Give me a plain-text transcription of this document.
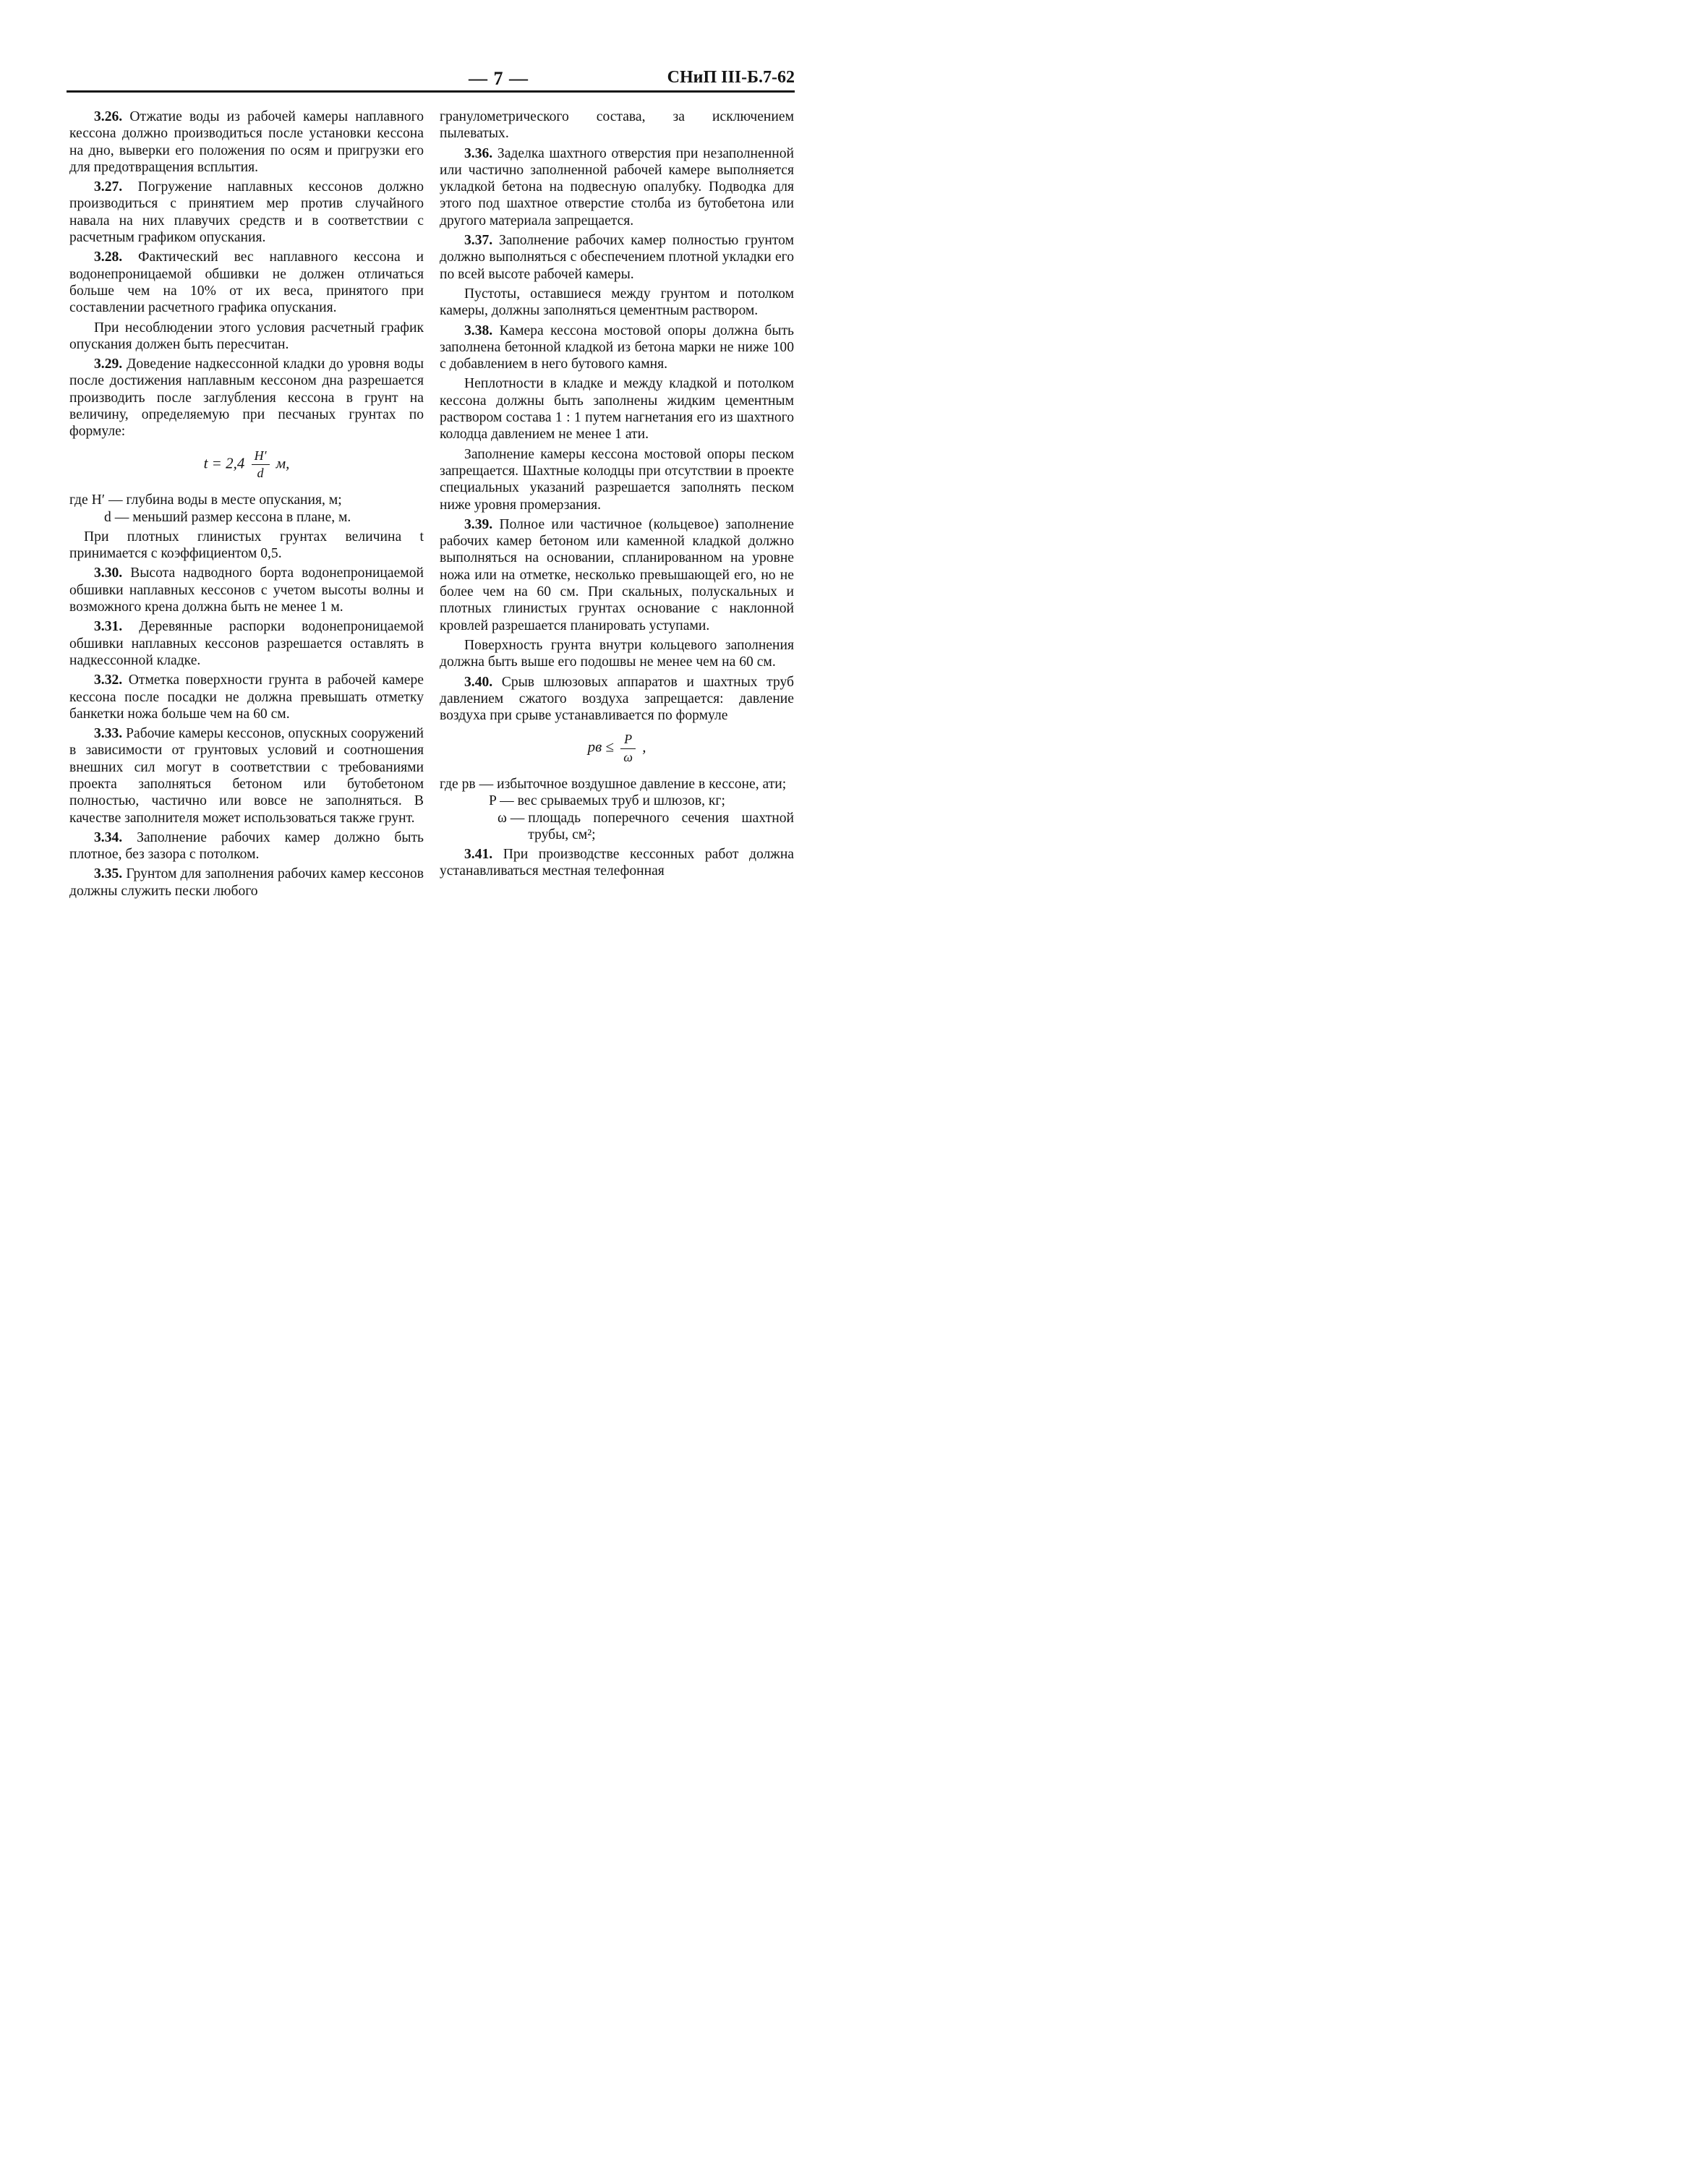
— 7 —	СНиП III-Б.7-62

3.26. Отжатие воды из рабочей камеры наплавного кессона должно производиться после установки кессона на дно, выверки его положения по осям и пригрузки его для предотвращения всплытия.

3.27. Погружение наплавных кессонов должно производиться с принятием мер против случайного навала на них плавучих средств и в соответствии с расчетным графиком опускания.

3.28. Фактический вес наплавного кессона и водонепроницаемой обшивки не должен отличаться больше чем на 10% от их веса, принятого при составлении расчетного графика опускания.

При несоблюдении этого условия расчетный график опускания должен быть пересчитан.

3.29. Доведение надкессонной кладки до уровня воды после достижения наплавным кессоном дна разрешается производить после заглубления кессона в грунт на величину, определяемую при песчаных грунтах по формуле:

$t = 2,4 \frac{H'}{d} м$,
где H′ —
глубина воды в месте опускания, м;
d —
меньший размер кессона в плане, м.

При плотных глинистых грунтах величина t принимается с коэффициентом 0,5.

3.30. Высота надводного борта водонепроницаемой обшивки наплавных кессонов с учетом высоты волны и возможного крена должна быть не менее 1 м.

3.31. Деревянные распорки водонепроницаемой обшивки наплавных кессонов разрешается оставлять в надкессонной кладке.

3.32. Отметка поверхности грунта в рабочей камере кессона после посадки не должна превышать отметку банкетки ножа больше чем на 60 см.

3.33. Рабочие камеры кессонов, опускных сооружений в зависимости от грунтовых условий и соотношения внешних сил могут в соответствии с требованиями проекта заполняться бетоном или бутобетоном полностью, частично или вовсе не заполняться. В качестве заполнителя может использоваться также грунт.

3.34. Заполнение рабочих камер должно быть плотное, без зазора с потолком.

3.35. Грунтом для заполнения рабочих камер кессонов должны служить пески любого

гранулометрического состава, за исключением пылеватых.

3.36. Заделка шахтного отверстия при незаполненной или частично заполненной рабочей камере выполняется укладкой бетона на подвесную опалубку. Подводка для этого под шахтное отверстие столба из бутобетона или другого материала запрещается.

3.37. Заполнение рабочих камер полностью грунтом должно выполняться с обеспечением плотной укладки его по всей высоте рабочей камеры.

Пустоты, оставшиеся между грунтом и потолком камеры, должны заполняться цементным раствором.

3.38. Камера кессона мостовой опоры должна быть заполнена бетонной кладкой из бетона марки не ниже 100 с добавлением в него бутового камня.

Неплотности в кладке и между кладкой и потолком кессона должны быть заполнены жидким цементным раствором состава 1 : 1 путем нагнетания его из шахтного колодца давлением не менее 1 ати.

Заполнение камеры кессона мостовой опоры песком запрещается. Шахтные колодцы при отсутствии в проекте специальных указаний разрешается заполнять песком ниже уровня промерзания.

3.39. Полное или частичное (кольцевое) заполнение рабочих камер бетоном или каменной кладкой должно выполняться на основании, спланированном на уровне ножа или на отметке, несколько превышающей его, но не более чем на 60 см. При скальных, полускальных и плотных глинистых грунтах основание с наклонной кровлей разрешается планировать уступами.

Поверхность грунта внутри кольцевого заполнения должна быть выше его подошвы не менее чем на 60 см.

3.40. Срыв шлюзовых аппаратов и шахтных труб давлением сжатого воздуха запрещается: давление воздуха при срыве устанавливается по формуле

pв ≤ $\frac{P}{\omega}$ ,
где pв —
избыточное воздушное давление в кессоне, ати;
P —
вес срываемых труб и шлюзов, кг;
ω —
площадь поперечного сечения шахтной трубы, см²;

3.41. При производстве кессонных работ должна устанавливаться местная телефонная
